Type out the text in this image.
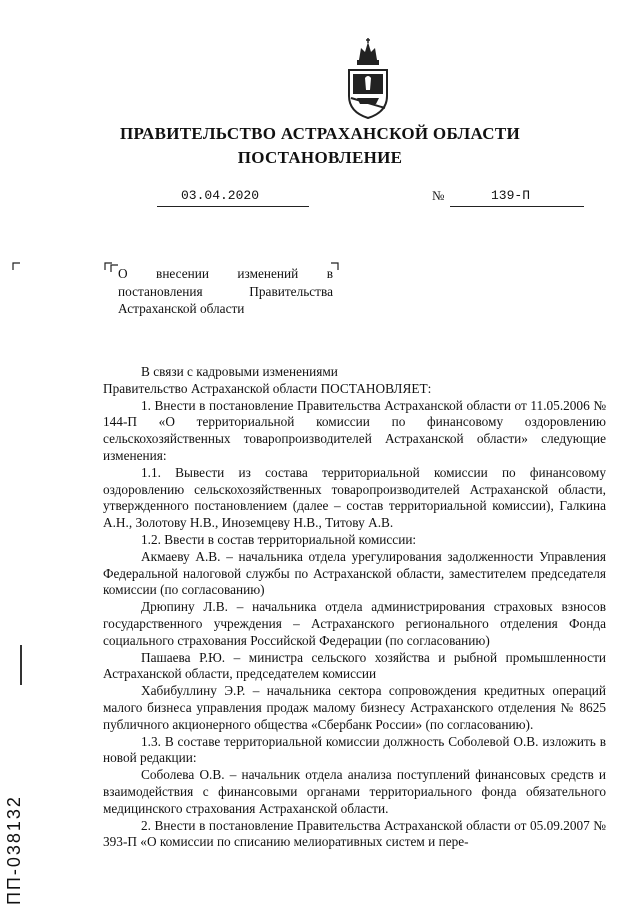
ПРАВИТЕЛЬСТВО АСТРАХАНСКОЙ ОБЛАСТИ
ПОСТАНОВЛЕНИЕ
03.04.2020	№	139-П
О внесении изменений в постановления Правительства Астраханской области

В связи с кадровыми изменениями

Правительство Астраханской области ПОСТАНОВЛЯЕТ:

1. Внести в постановление Правительства Астраханской области от 11.05.2006 № 144-П «О территориальной комиссии по финансовому оздоровлению сельскохозяйственных товаропроизводителей Астраханской области» следующие изменения:

1.1. Вывести из состава территориальной комиссии по финансовому оздоровлению сельскохозяйственных товаропроизводителей Астраханской области, утвержденного постановлением (далее – состав территориальной комиссии), Галкина А.Н., Золотову Н.В., Иноземцеву Н.В., Титову А.В.

1.2. Ввести в состав территориальной комиссии:

Акмаеву А.В. – начальника отдела урегулирования задолженности Управления Федеральной налоговой службы по Астраханской области, заместителем председателя комиссии (по согласованию)

Дрюпину Л.В. – начальника отдела администрирования страховых взносов государственного учреждения – Астраханского регионального отделения Фонда социального страхования Российской Федерации (по согласованию)

Пашаева Р.Ю. – министра сельского хозяйства и рыбной промышленности Астраханской области, председателем комиссии

Хабибуллину Э.Р. – начальника сектора сопровождения кредитных операций малого бизнеса управления продаж малому бизнесу Астраханского отделения № 8625 публичного акционерного общества «Сбербанк России» (по согласованию).

1.3. В составе территориальной комиссии должность Соболевой О.В. изложить в новой редакции:

Соболева О.В. – начальник отдела анализа поступлений финансовых средств и взаимодействия с финансовыми органами территориального фонда обязательного медицинского страхования Астраханской области.

2. Внести в постановление Правительства Астраханской области от 05.09.2007 № 393-П «О комиссии по списанию мелиоративных систем и пере-

ПП-038132
